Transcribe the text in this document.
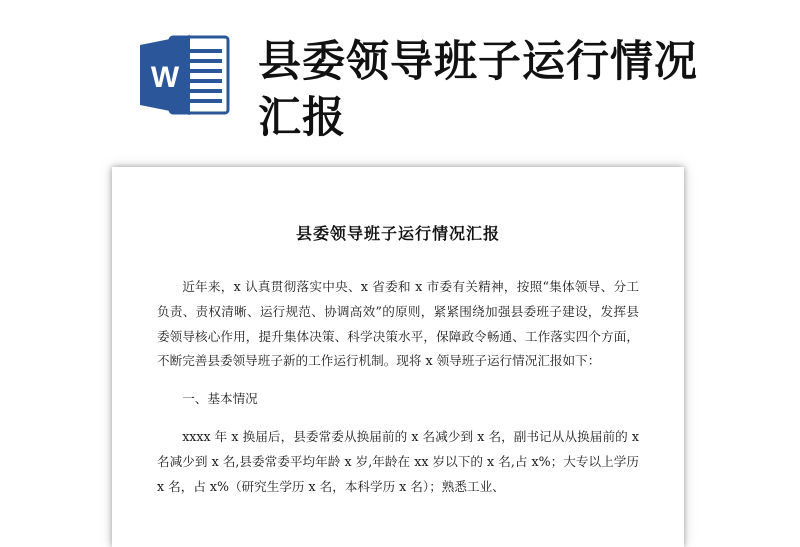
W 县委领导班子运行情况汇报
县委领导班子运行情况汇报

近年来，x 认真贯彻落实中央、x 省委和 x 市委有关精神，按照“集体领导、分工负责、责权清晰、运行规范、协调高效”的原则，紧紧围绕加强县委班子建设，发挥县委领导核心作用，提升集体决策、科学决策水平，保障政令畅通、工作落实四个方面，不断完善县委领导班子新的工作运行机制。现将 x 领导班子运行情况汇报如下：

一、基本情况

xxxx 年 x 换届后，县委常委从换届前的 x 名减少到 x 名，副书记从从换届前的 x 名减少到 x 名,县委常委平均年龄 x 岁,年龄在 xx 岁以下的 x 名,占 x%；大专以上学历 x 名，占 x%（研究生学历 x 名，本科学历 x 名）；熟悉工业、
